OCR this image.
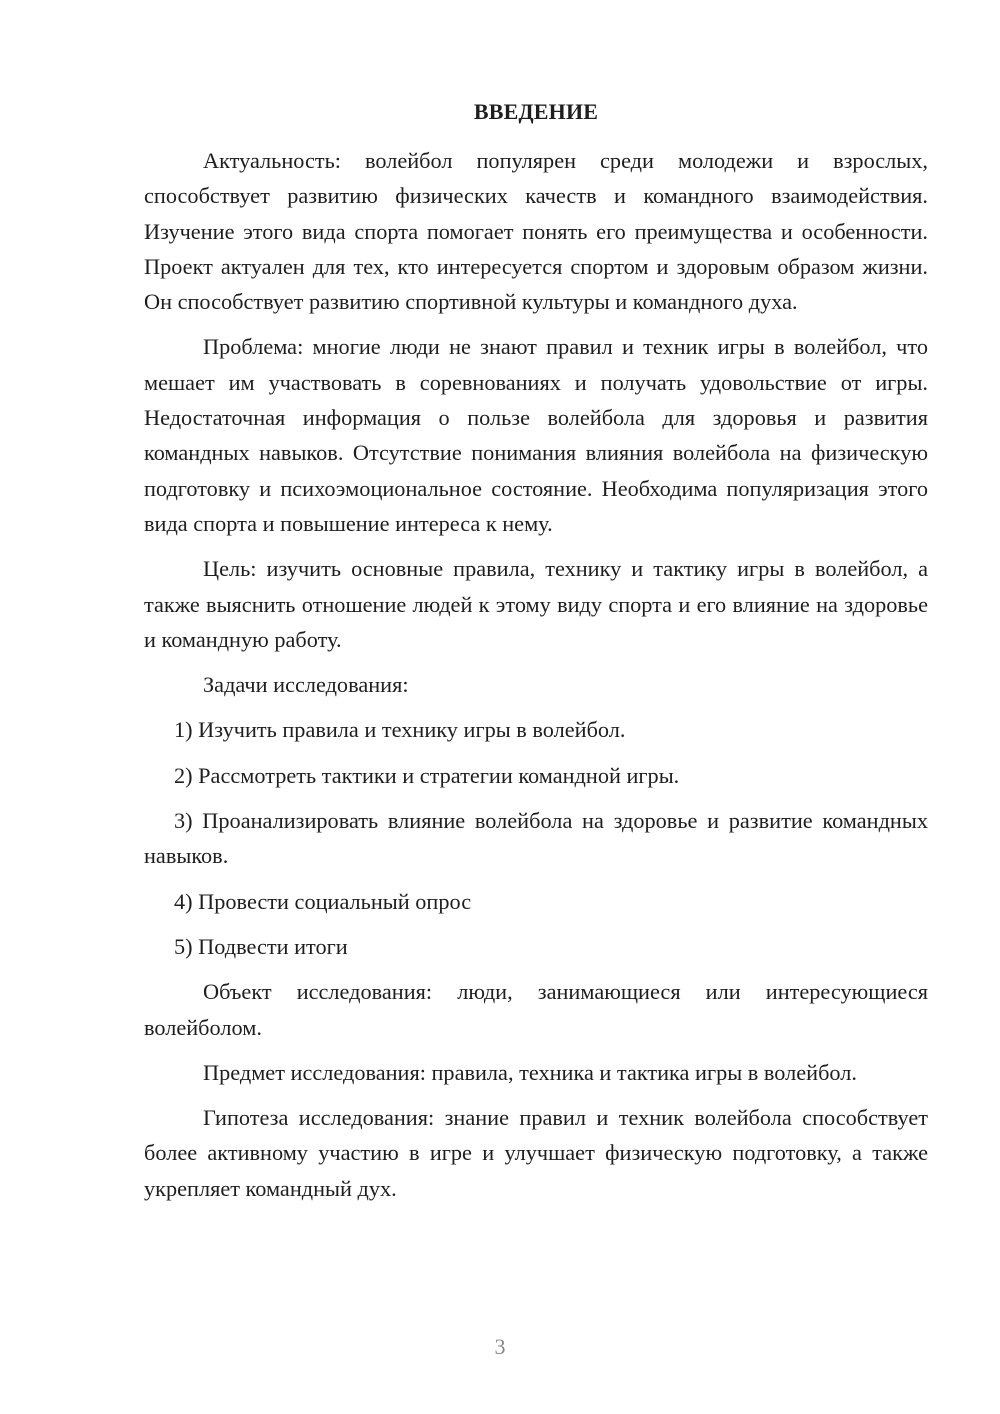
ВВЕДЕНИЕ

Актуальность: волейбол популярен среди молодежи и взрослых, способствует развитию физических качеств и командного взаимодействия. Изучение этого вида спорта помогает понять его преимущества и особенности. Проект актуален для тех, кто интересуется спортом и здоровым образом жизни. Он способствует развитию спортивной культуры и командного духа.

Проблема: многие люди не знают правил и техник игры в волейбол, что мешает им участвовать в соревнованиях и получать удовольствие от игры. Недостаточная информация о пользе волейбола для здоровья и развития командных навыков. Отсутствие понимания влияния волейбола на физическую подготовку и психоэмоциональное состояние. Необходима популяризация этого вида спорта и повышение интереса к нему.

Цель: изучить основные правила, технику и тактику игры в волейбол, а также выяснить отношение людей к этому виду спорта и его влияние на здоровье и командную работу.

Задачи исследования:

1) Изучить правила и технику игры в волейбол.

2) Рассмотреть тактики и стратегии командной игры.

3) Проанализировать влияние волейбола на здоровье и развитие командных навыков.

4) Провести социальный опрос

5) Подвести итоги

Объект исследования: люди, занимающиеся или интересующиеся волейболом.

Предмет исследования: правила, техника и тактика игры в волейбол.

Гипотеза исследования: знание правил и техник волейбола способствует более активному участию в игре и улучшает физическую подготовку, а также укрепляет командный дух.

3
